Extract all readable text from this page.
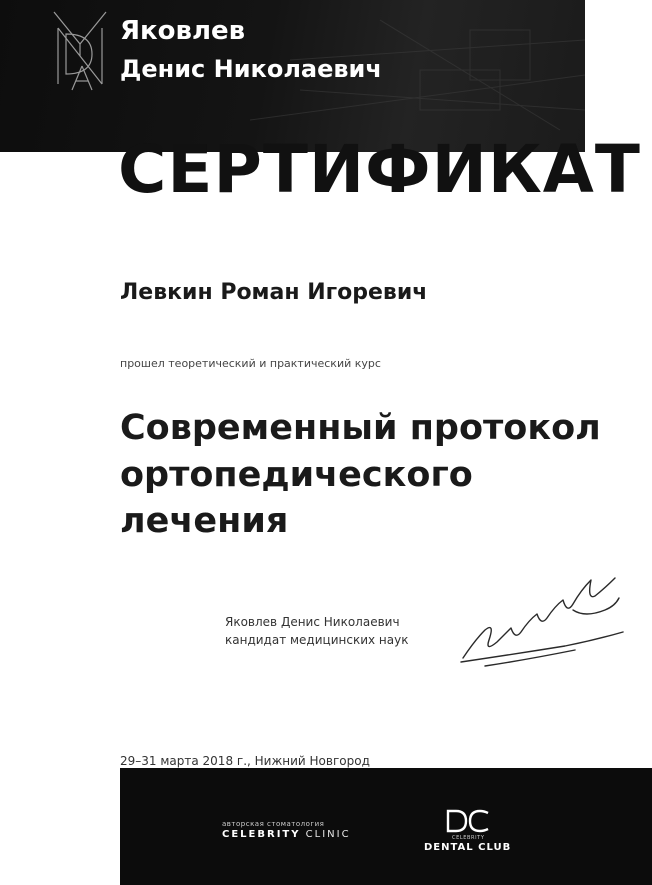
Яковлев
Денис Николаевич
СЕРТИФИКАТ
Левкин Роман Игоревич
прошел теоретический и практический курс
Современный протокол
ортопедического
лечения
Яковлев Денис Николаевич
кандидат медицинских наук
29–31 марта 2018 г., Нижний Новгород
авторская стоматология
CELEBRITY CLINIC	CELEBRITY
DENTAL CLUB
